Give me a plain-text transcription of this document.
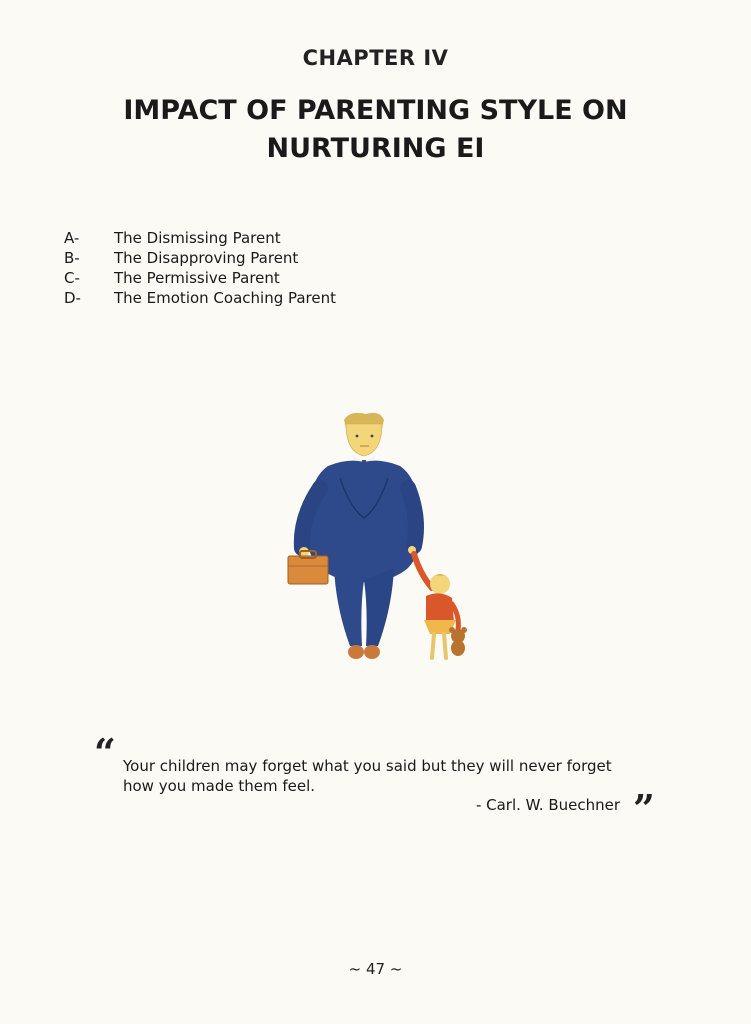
CHAPTER IV
IMPACT OF PARENTING STYLE ON
NURTURING EI
A-	The Dismissing Parent
B-	The Disapproving Parent
C-	The Permissive Parent
D-	The Emotion Coaching Parent
“ Your children may forget what you said but they will never forget
how you made them feel.
- Carl. W. Buechner ”
~ 47 ~
